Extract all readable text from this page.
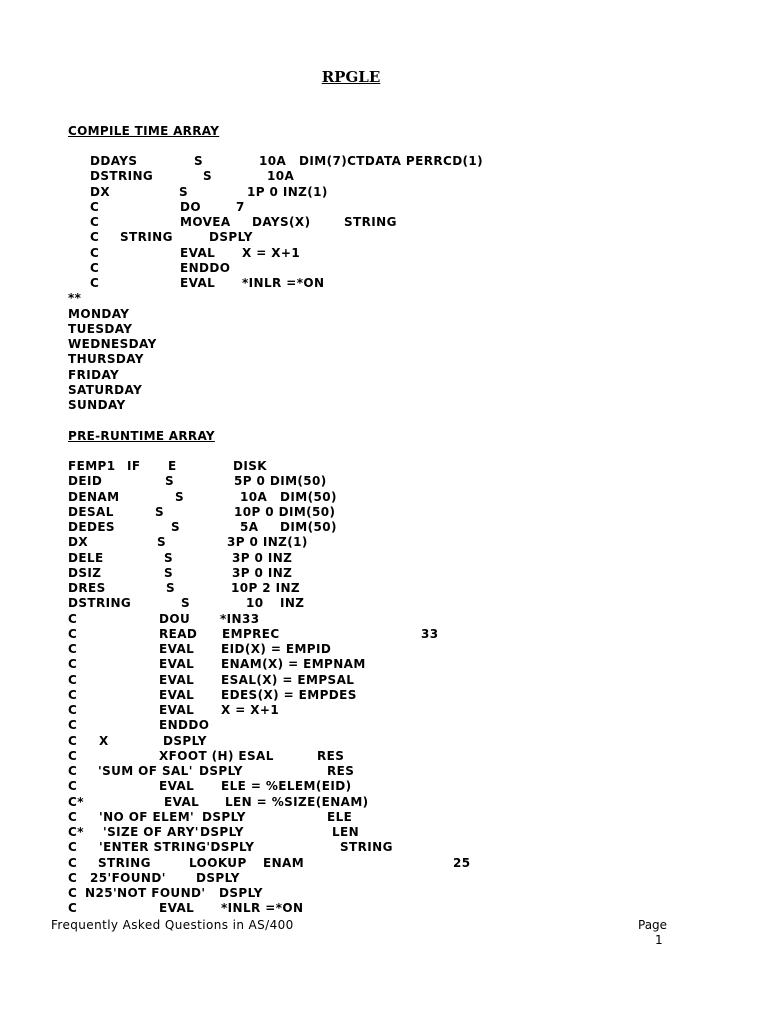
RPGLE
COMPILE TIME ARRAY
DDAYS	S	10A DIM(7)CTDATA PERRCD(1)
DSTRING	S	10A
DX	S	1P 0 INZ(1)
C	DO	7
C	MOVEA DAYS(X)	STRING
C STRING	DSPLY
C	EVAL X = X+1
C	ENDDO
C	EVAL *INLR =*ON
**
MONDAY
TUESDAY
WEDNESDAY
THURSDAY
FRIDAY
SATURDAY
SUNDAY
PRE-RUNTIME ARRAY
FEMP1 IF E	DISK
DEID	S	5P 0 DIM(50)
DENAM	S	10A DIM(50)
DESAL	S	10P 0 DIM(50)
DEDES	S	5A DIM(50)
DX	S	3P 0 INZ(1)
DELE	S	3P 0 INZ
DSIZ	S	3P 0 INZ
DRES	S	10P 2 INZ
DSTRING	S	10 INZ
C	DOU *IN33
C	READ EMPREC	33
C	EVAL EID(X) = EMPID
C	EVAL ENAM(X) = EMPNAM
C	EVAL ESAL(X) = EMPSAL
C	EVAL EDES(X) = EMPDES
C	EVAL X = X+1
C	ENDDO
C X	DSPLY
C	XFOOT (H) ESAL	RES
C 'SUM OF SAL' DSPLY	RES
C	EVAL ELE = %ELEM(EID)
C*	EVAL LEN = %SIZE(ENAM)
C 'NO OF ELEM' DSPLY	ELE
C* 'SIZE OF ARY' DSPLY	LEN
C 'ENTER STRING'DSPLY	STRING
C STRING	LOOKUP ENAM	25
C 25'FOUND'	DSPLY
C N25'NOT FOUND' DSPLY
C	EVAL *INLR =*ON
Frequently Asked Questions in AS/400	Page
1
